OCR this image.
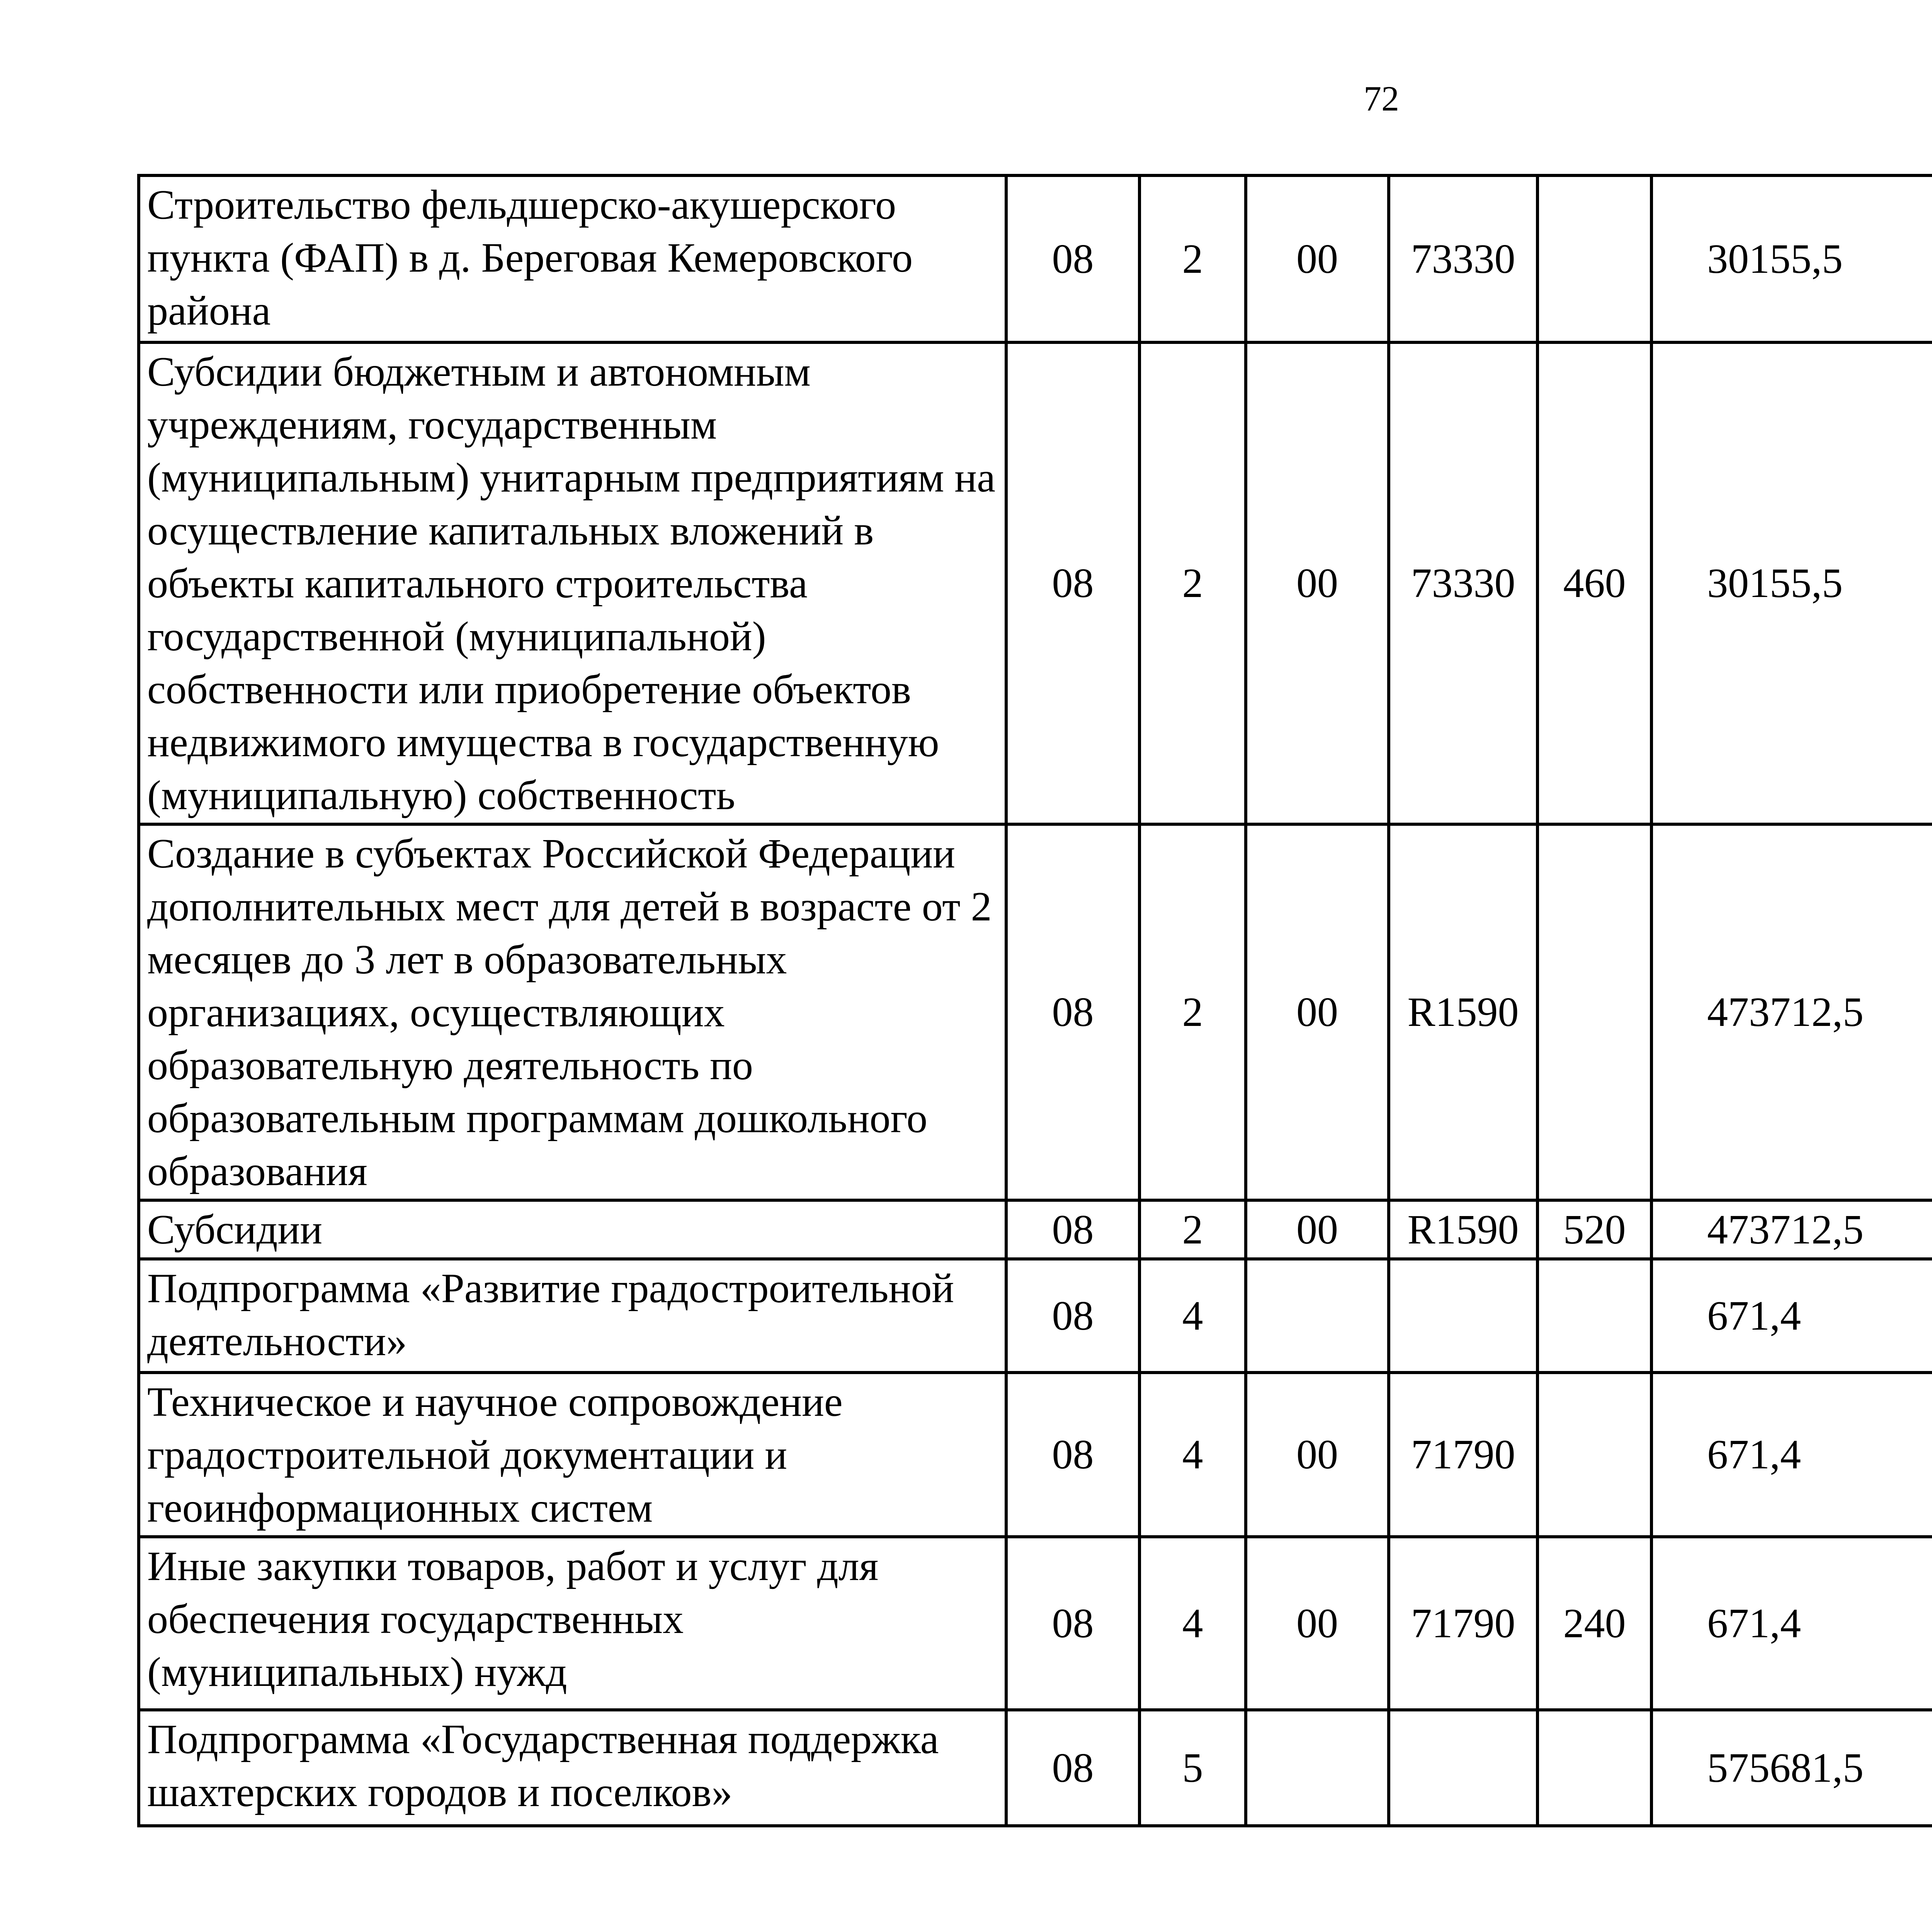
72
Строительство фельдшерско-акушерского пункта (ФАП) в д. Береговая Кемеровского района	08	2	00	73330		30155,5		
Субсидии бюджетным и автономным учреждениям, государственным (муниципальным) унитарным предприятиям на осуществление капитальных вложений в объекты капитального строительства государственной (муниципальной) собственности или приобретение объектов недвижимого имущества в государственную (муниципальную) собственность	08	2	00	73330	460	30155,5		
Создание в субъектах Российской Федерации дополнительных мест для детей в возрасте от 2 месяцев до 3 лет в образовательных организациях, осуществляющих образовательную деятельность по образовательным программам дошкольного образования	08	2	00	R1590		473712,5		
Субсидии	08	2	00	R1590	520	473712,5		
Подпрограмма «Развитие градостроительной деятельности»	08	4				671,4		
Техническое и научное сопровождение градостроительной документации и геоинформационных систем	08	4	00	71790		671,4		
Иные закупки товаров, работ и услуг для обеспечения государственных (муниципальных) нужд	08	4	00	71790	240	671,4		
Подпрограмма «Государственная поддержка шахтерских городов и поселков»	08	5				575681,5		
